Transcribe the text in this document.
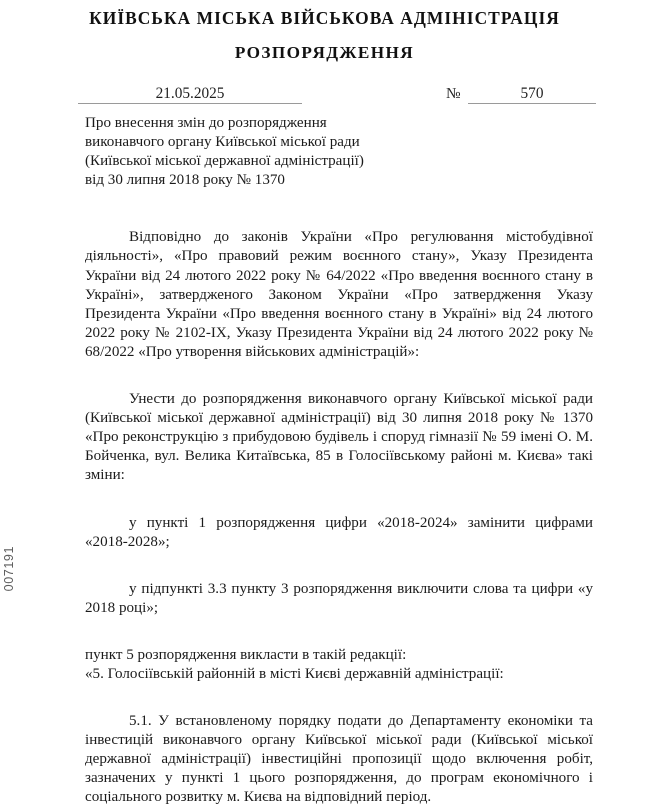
007191
КИЇВСЬКА МІСЬКА ВІЙСЬКОВА АДМІНІСТРАЦІЯ
РОЗПОРЯДЖЕННЯ
21.05.2025	№	570
Про внесення змін до розпорядження
виконавчого органу Київської міської ради
(Київської міської державної адміністрації)
від 30 липня 2018 року № 1370

Відповідно до законів України «Про регулювання містобудівної діяльності», «Про правовий режим воєнного стану», Указу Президента України від 24 лютого 2022 року № 64/2022 «Про введення воєнного стану в Україні», затвердженого Законом України «Про затвердження Указу Президента України «Про введення воєнного стану в Україні» від 24 лютого 2022 року № 2102-IX, Указу Президента України від 24 лютого 2022 року № 68/2022 «Про утворення військових адміністрацій»:

Унести до розпорядження виконавчого органу Київської міської ради (Київської міської державної адміністрації) від 30 липня 2018 року № 1370 «Про реконструкцію з прибудовою будівель і споруд гімназії № 59 імені О. М. Бойченка, вул. Велика Китаївська, 85 в Голосіївському районі м. Києва» такі зміни:

у пункті 1 розпорядження цифри «2018-2024» замінити цифрами «2018-2028»;

у підпункті 3.3 пункту 3 розпорядження виключити слова та цифри «у 2018 році»;

пункт 5 розпорядження викласти в такій редакції:

«5. Голосіївській районній в місті Києві державній адміністрації:

5.1. У встановленому порядку подати до Департаменту економіки та інвестицій виконавчого органу Київської міської ради (Київської міської державної адміністрації) інвестиційні пропозиції щодо включення робіт, зазначених у пункті 1 цього розпорядження, до програм економічного і соціального розвитку м. Києва на відповідний період.
